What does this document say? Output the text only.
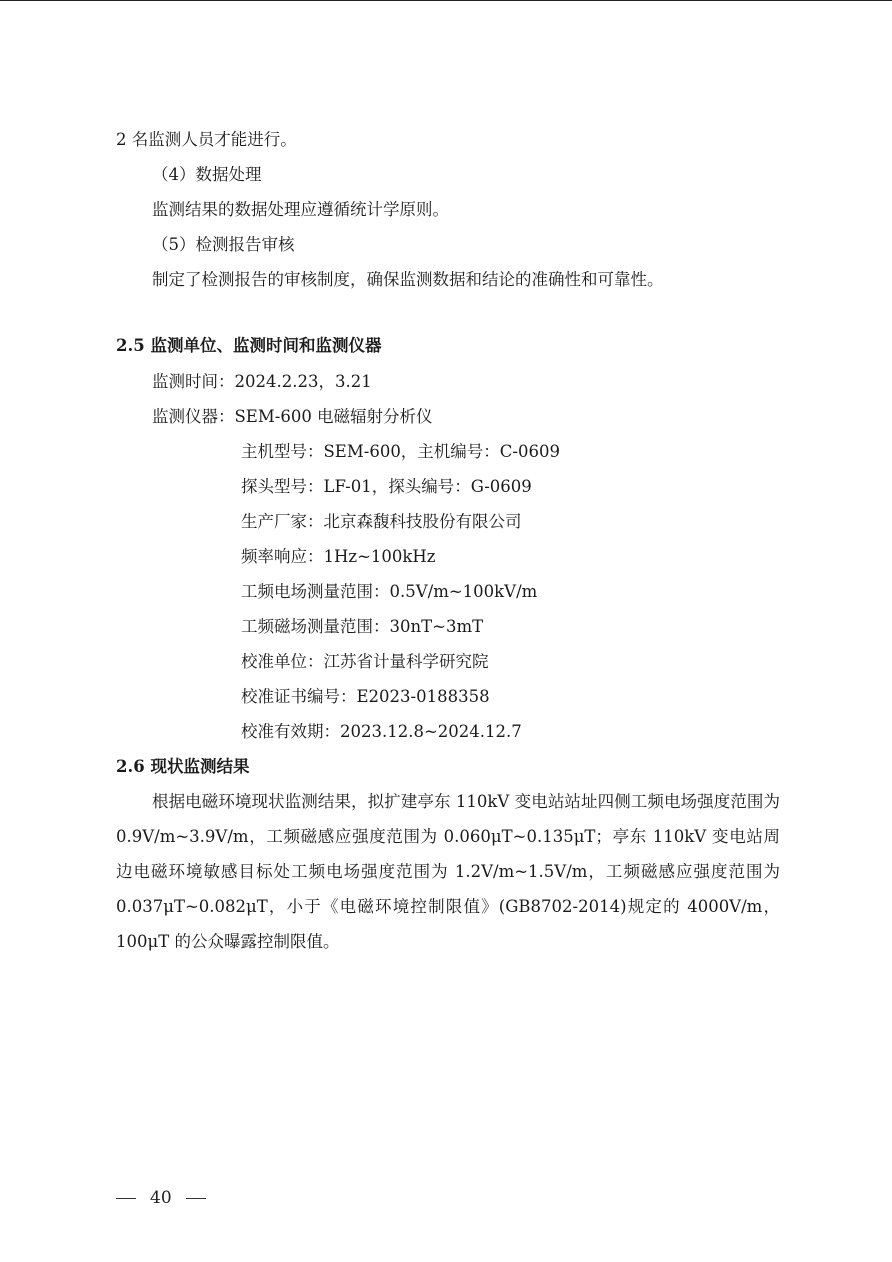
2 名监测人员才能进行。
（4）数据处理
监测结果的数据处理应遵循统计学原则。
（5）检测报告审核
制定了检测报告的审核制度，确保监测数据和结论的准确性和可靠性。
2.5 监测单位、监测时间和监测仪器
监测时间：2024.2.23，3.21
监测仪器：SEM-600 电磁辐射分析仪
主机型号：SEM-600，主机编号：C-0609
探头型号：LF-01，探头编号：G-0609
生产厂家：北京森馥科技股份有限公司
频率响应：1Hz~100kHz
工频电场测量范围：0.5V/m~100kV/m
工频磁场测量范围：30nT~3mT
校准单位：江苏省计量科学研究院
校准证书编号：E2023-0188358
校准有效期：2023.12.8~2024.12.7
2.6 现状监测结果
根据电磁环境现状监测结果，拟扩建亭东 110kV 变电站站址四侧工频电场强度范围为 0.9V/m~3.9V/m，工频磁感应强度范围为 0.060μT~0.135μT；亭东 110kV 变电站周边电磁环境敏感目标处工频电场强度范围为 1.2V/m~1.5V/m，工频磁感应强度范围为 0.037μT~0.082μT，小于《电磁环境控制限值》(GB8702-2014)规定的 4000V/m，100μT 的公众曝露控制限值。
40
